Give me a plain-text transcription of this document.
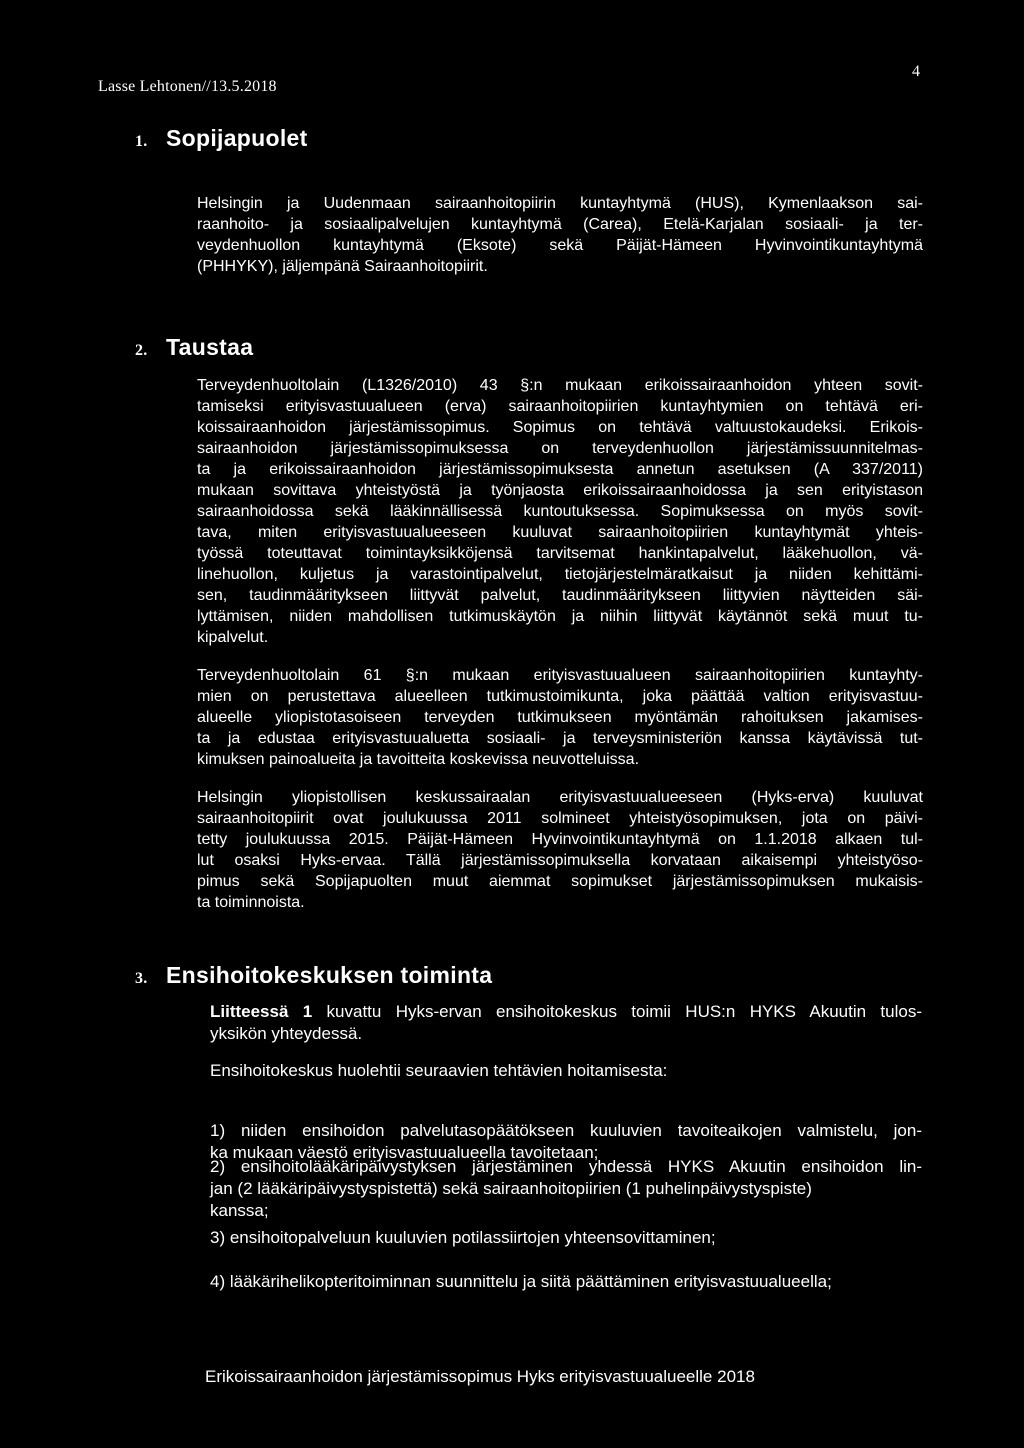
Lasse Lehtonen//13.5.2018
4
1. Sopijapuolet
Helsingin ja Uudenmaan sairaanhoitopiirin kuntayhtymä (HUS), Kymenlaakson sai-
raanhoito- ja sosiaalipalvelujen kuntayhtymä (Carea), Etelä-Karjalan sosiaali- ja ter-
veydenhuollon kuntayhtymä (Eksote) sekä Päijät-Hämeen Hyvinvointikuntayhtymä
(PHHYKY), jäljempänä Sairaanhoitopiirit.
2. Taustaa
Terveydenhuoltolain (L1326/2010) 43 §:n mukaan erikoissairaanhoidon yhteen sovit-
tamiseksi erityisvastuualueen (erva) sairaanhoitopiirien kuntayhtymien on tehtävä eri-
koissairaanhoidon järjestämissopimus. Sopimus on tehtävä valtuustokaudeksi. Erikois-
sairaanhoidon järjestämissopimuksessa on terveydenhuollon järjestämissuunnitelmas-
ta ja erikoissairaanhoidon järjestämissopimuksesta annetun asetuksen (A 337/2011)
mukaan sovittava yhteistyöstä ja työnjaosta erikoissairaanhoidossa ja sen erityistason
sairaanhoidossa sekä lääkinnällisessä kuntoutuksessa. Sopimuksessa on myös sovit-
tava, miten erityisvastuualueeseen kuuluvat sairaanhoitopiirien kuntayhtymät yhteis-
työssä toteuttavat toimintayksikköjensä tarvitsemat hankintapalvelut, lääkehuollon, vä-
linehuollon, kuljetus ja varastointipalvelut, tietojärjestelmäratkaisut ja niiden kehittämi-
sen, taudinmääritykseen liittyvät palvelut, taudinmääritykseen liittyvien näytteiden säi-
lyttämisen, niiden mahdollisen tutkimuskäytön ja niihin liittyvät käytännöt sekä muut tu-
kipalvelut.
Terveydenhuoltolain 61 §:n mukaan erityisvastuualueen sairaanhoitopiirien kuntayhty-
mien on perustettava alueelleen tutkimustoimikunta, joka päättää valtion erityisvastuu-
alueelle yliopistotasoiseen terveyden tutkimukseen myöntämän rahoituksen jakamises-
ta ja edustaa erityisvastuualuetta sosiaali- ja terveysministeriön kanssa käytävissä tut-
kimuksen painoalueita ja tavoitteita koskevissa neuvotteluissa.
Helsingin yliopistollisen keskussairaalan erityisvastuualueeseen (Hyks-erva) kuuluvat
sairaanhoitopiirit ovat joulukuussa 2011 solmineet yhteistyösopimuksen, jota on päivi-
tetty joulukuussa 2015. Päijät-Hämeen Hyvinvointikuntayhtymä on 1.1.2018 alkaen tul-
lut osaksi Hyks-ervaa. Tällä järjestämissopimuksella korvataan aikaisempi yhteistyöso-
pimus sekä Sopijapuolten muut aiemmat sopimukset järjestämissopimuksen mukaisis-
ta toiminnoista.
3. Ensihoitokeskuksen toiminta
Liitteessä 1 kuvattu Hyks-ervan ensihoitokeskus toimii HUS:n HYKS Akuutin tulos-
yksikön yhteydessä.
Ensihoitokeskus huolehtii seuraavien tehtävien hoitamisesta:
1) niiden ensihoidon palvelutasopäätökseen kuuluvien tavoiteaikojen valmistelu, jon-
ka mukaan väestö erityisvastuualueella tavoitetaan;
2) ensihoitolääkäripäivystyksen järjestäminen yhdessä HYKS Akuutin ensihoidon lin-
jan (2 lääkäripäivystyspistettä) sekä sairaanhoitopiirien (1 puhelinpäivystyspiste)
kanssa;
3) ensihoitopalveluun kuuluvien potilassiirtojen yhteensovittaminen;
4) lääkärihelikopteritoiminnan suunnittelu ja siitä päättäminen erityisvastuualueella;
Erikoissairaanhoidon järjestämissopimus Hyks erityisvastuualueelle 2018
